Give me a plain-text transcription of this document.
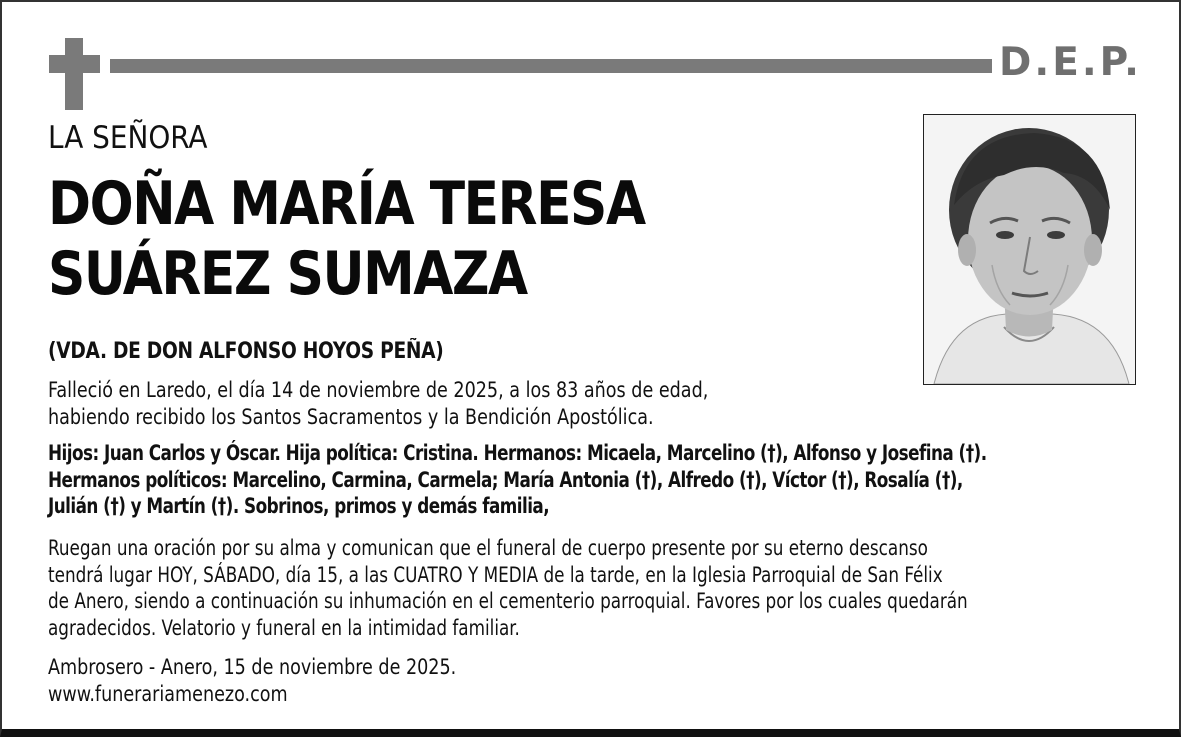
D.E.P.

LA SEÑORA

DOÑA MARÍA TERESA
SUÁREZ SUMAZA

(VDA. DE DON ALFONSO HOYOS PEÑA)

Falleció en Laredo, el día 14 de noviembre de 2025, a los 83 años de edad,
habiendo recibido los Santos Sacramentos y la Bendición Apostólica.

Hijos: Juan Carlos y Óscar. Hija política: Cristina. Hermanos: Micaela, Marcelino (†), Alfonso y Josefina (†).
Hermanos políticos: Marcelino, Carmina, Carmela; María Antonia (†), Alfredo (†), Víctor (†), Rosalía (†),
Julián (†) y Martín (†). Sobrinos, primos y demás familia,

Ruegan una oración por su alma y comunican que el funeral de cuerpo presente por su eterno descanso
tendrá lugar HOY, SÁBADO, día 15, a las CUATRO Y MEDIA de la tarde, en la Iglesia Parroquial de San Félix
de Anero, siendo a continuación su inhumación en el cementerio parroquial. Favores por los cuales quedarán
agradecidos. Velatorio y funeral en la intimidad familiar.

Ambrosero - Anero, 15 de noviembre de 2025.
www.funerariamenezo.com
